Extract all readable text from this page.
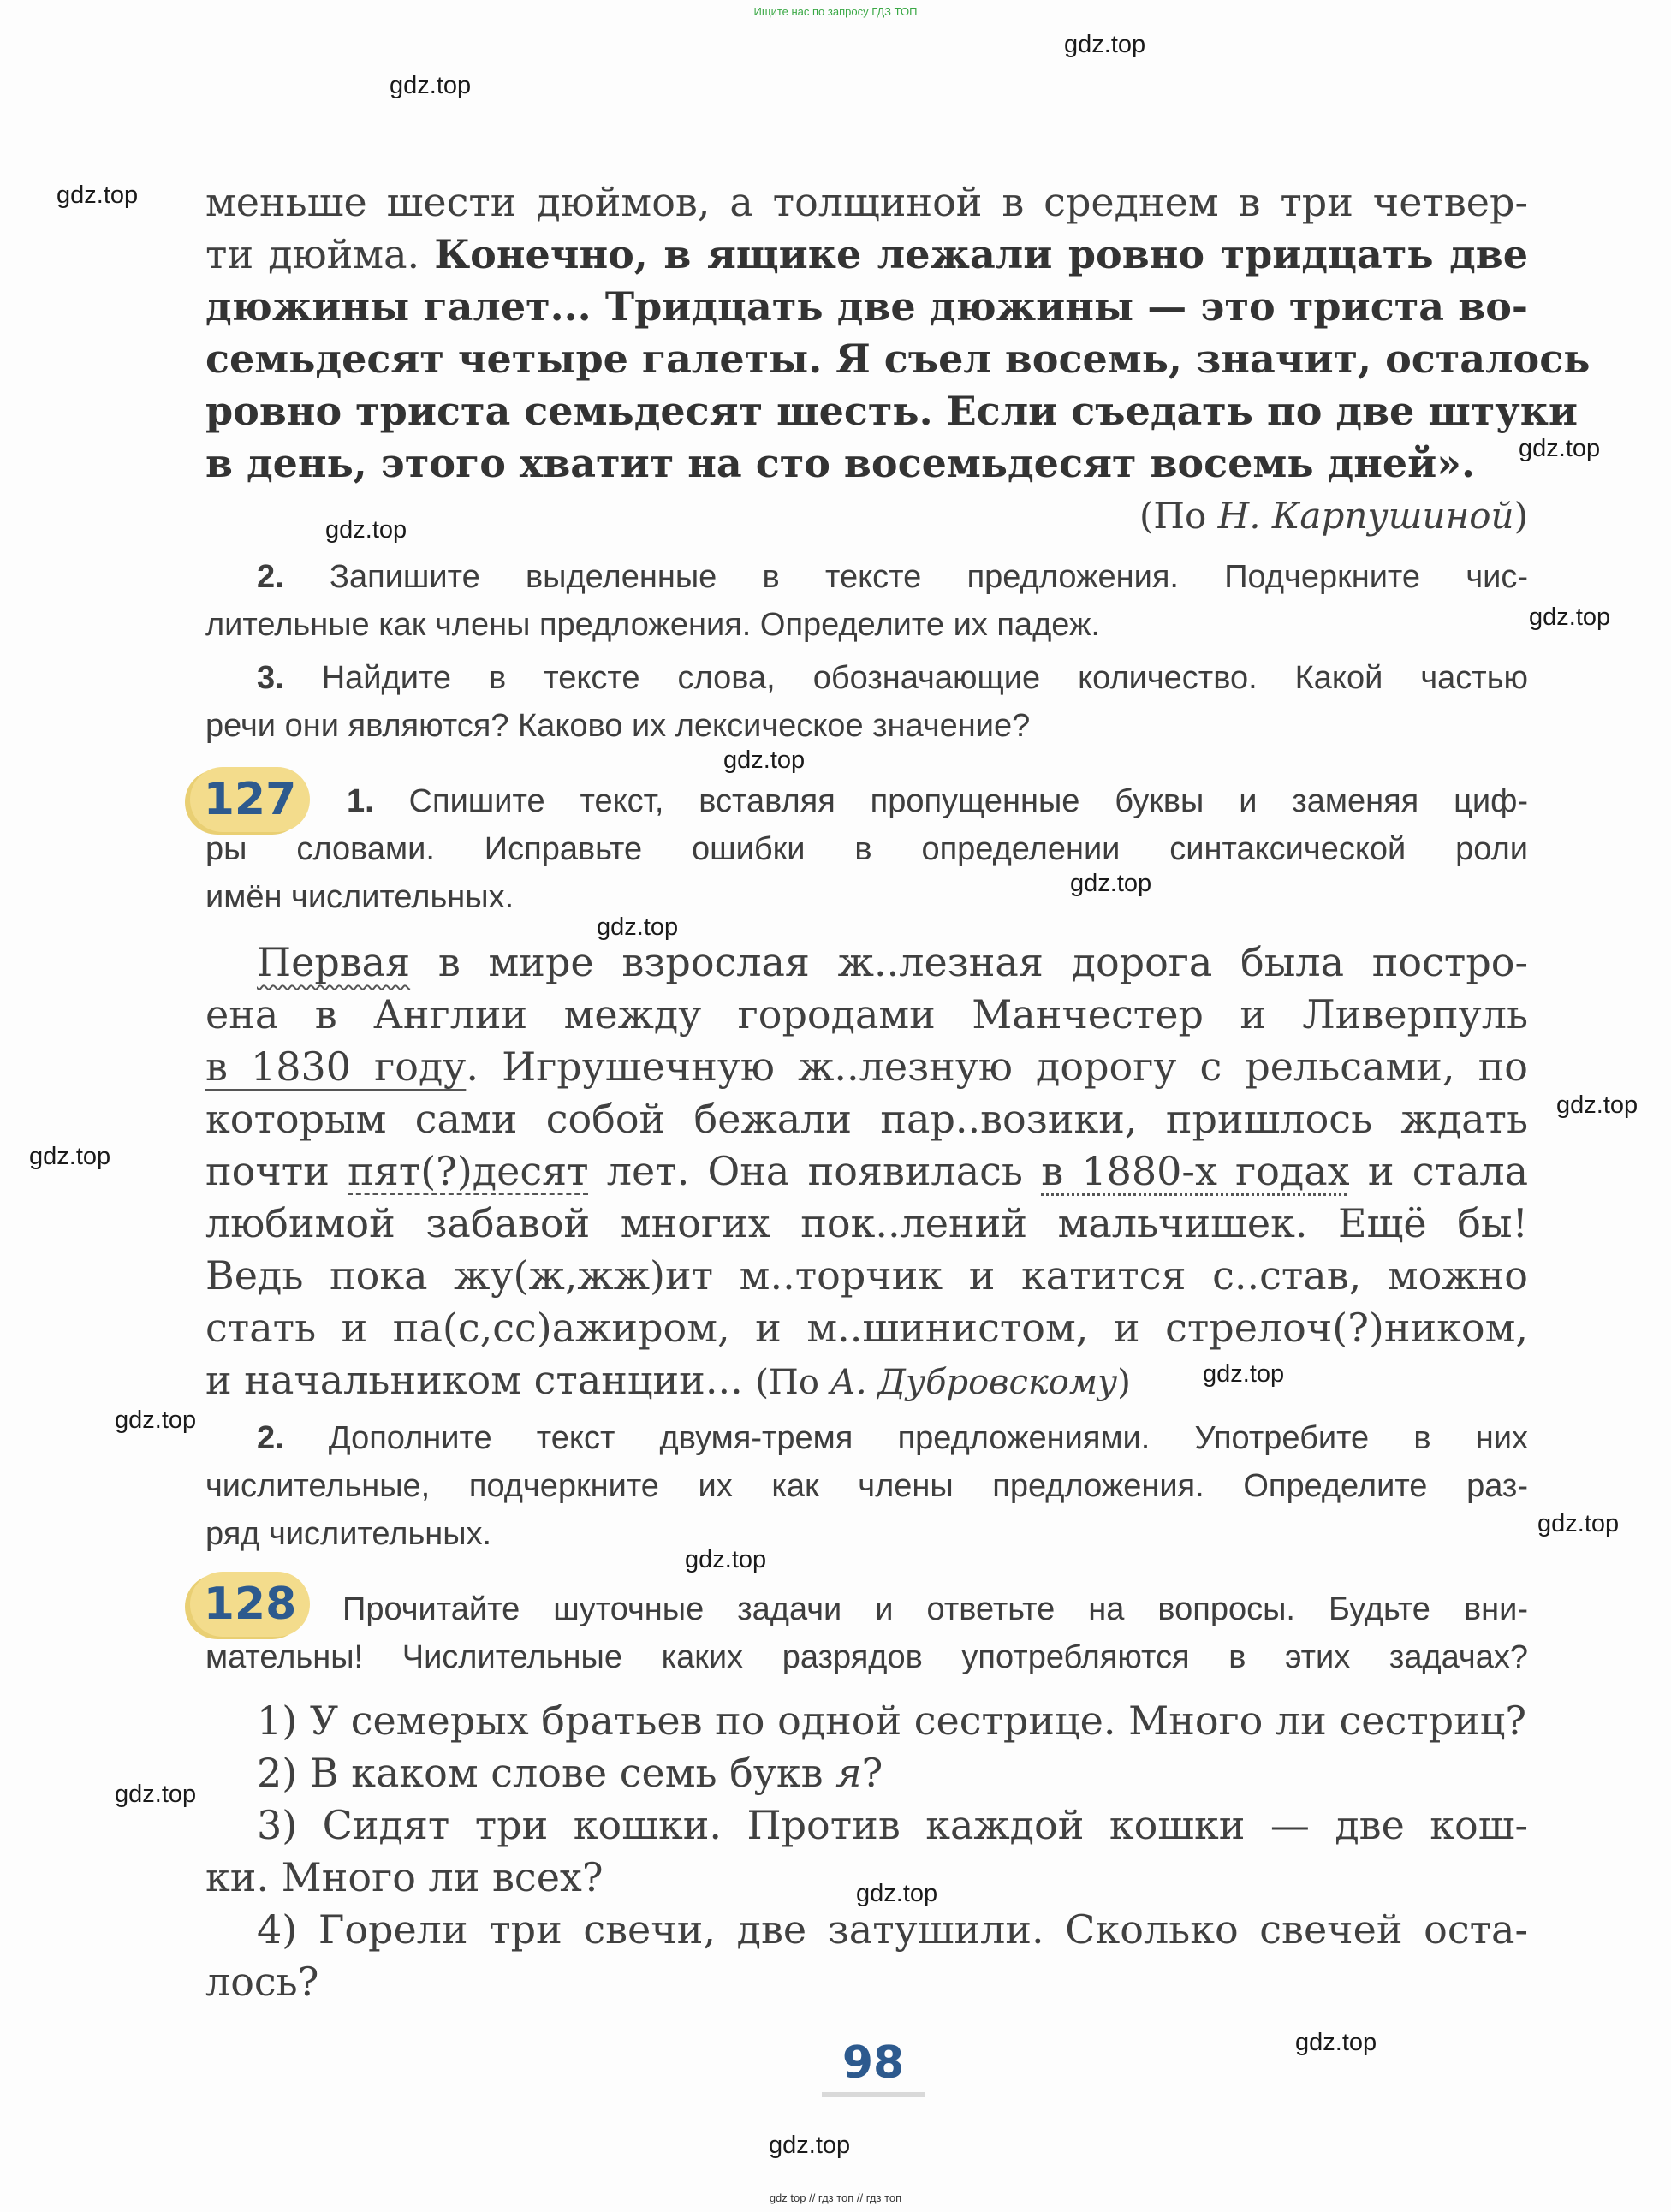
Ищите нас по запросу ГДЗ ТОП
gdz.top
gdz.top
gdz.top
gdz.top
gdz.top
gdz.top
gdz.top
gdz.top
gdz.top
gdz.top
gdz.top
gdz.top
gdz.top
gdz.top
gdz.top
gdz.top
gdz.top
gdz.top
gdz.top
меньше шести дюймов, а толщиной в среднем в три четвер-
ти дюйма. Конечно, в ящике лежали ровно тридцать две
дюжины галет... Тридцать две дюжины — это триста во-
семьдесят четыре галеты. Я съел восемь, значит, осталось
ровно триста семьдесят шесть. Если съедать по две штуки
в день, этого хватит на сто восемьдесят восемь дней».
(По Н. Карпушиной)
2. Запишите выделенные в тексте предложения. Подчеркните чис-
лительные как члены предложения. Определите их падеж.
3. Найдите в тексте слова, обозначающие количество. Какой частью
речи они являются? Каково их лексическое значение?
127	1. Спишите текст, вставляя пропущенные буквы и заменяя циф-
ры словами. Исправьте ошибки в определении синтаксической роли
имён числительных.
Первая в мире взрослая ж..лезная дорога была постро-
ена в Англии между городами Манчестер и Ливерпуль
в 1830 году. Игрушечную ж..лезную дорогу с рельсами, по
которым сами собой бежали пар..возики, пришлось ждать
почти пят(?)десят лет. Она появилась в 1880-х годах и стала
любимой забавой многих пок..лений мальчишек. Ещё бы!
Ведь пока жу(ж,жж)ит м..торчик и катится с..став, можно
стать и па(с,сс)ажиром, и м..шинистом, и стрелоч(?)ником,
и начальником станции... (По А. Дубровскому)
2. Дополните текст двумя-тремя предложениями. Употребите в них
числительные, подчеркните их как члены предложения. Определите раз-
ряд числительных.
128	Прочитайте шуточные задачи и ответьте на вопросы. Будьте вни-
мательны! Числительные каких разрядов употребляются в этих задачах?
1) У семерых братьев по одной сестрице. Много ли сестриц?
2) В каком слове семь букв я?
3) Сидят три кошки. Против каждой кошки — две кош-
ки. Много ли всех?
4) Горели три свечи, две затушили. Сколько свечей оста-
лось?
98
gdz top // гдз топ // гдз топ
